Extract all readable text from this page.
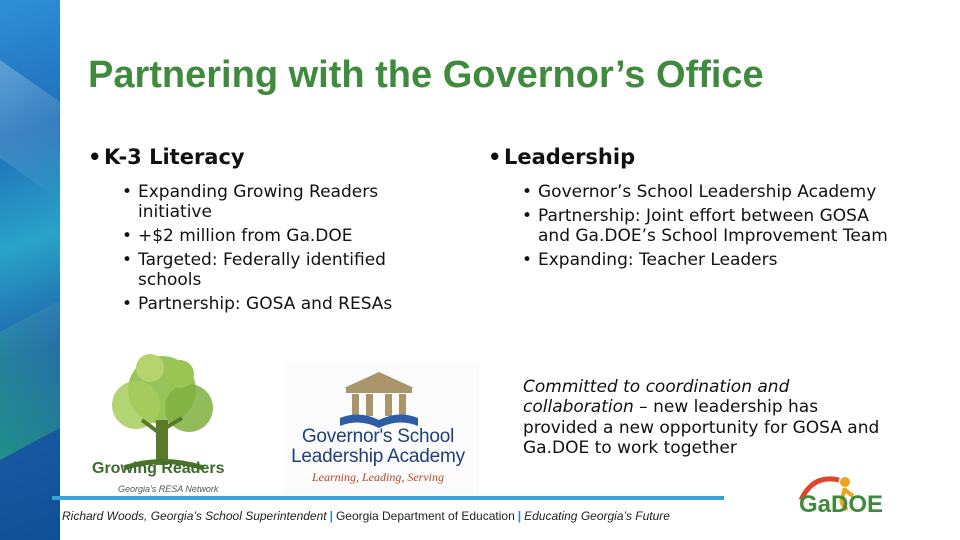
Partnering with the Governor’s Office

• K-3 Literacy

• Expanding Growing Readers initiative
• +$2 million from Ga.DOE
• Targeted: Federally identified schools
• Partnership: GOSA and RESAs

• Leadership

• Governor’s School Leadership Academy
• Partnership: Joint effort between GOSA and Ga.DOE’s School Improvement Team
• Expanding: Teacher Leaders

Committed to coordination and collaboration – new leadership has provided a new opportunity for GOSA and Ga.DOE to work together

Growing Readers
Georgia's RESA Network
Governor's School
Leadership Academy
Learning, Leading, Serving
Richard Woods, Georgia’s School Superintendent | Georgia Department of Education | Educating Georgia’s Future	GaDOE
